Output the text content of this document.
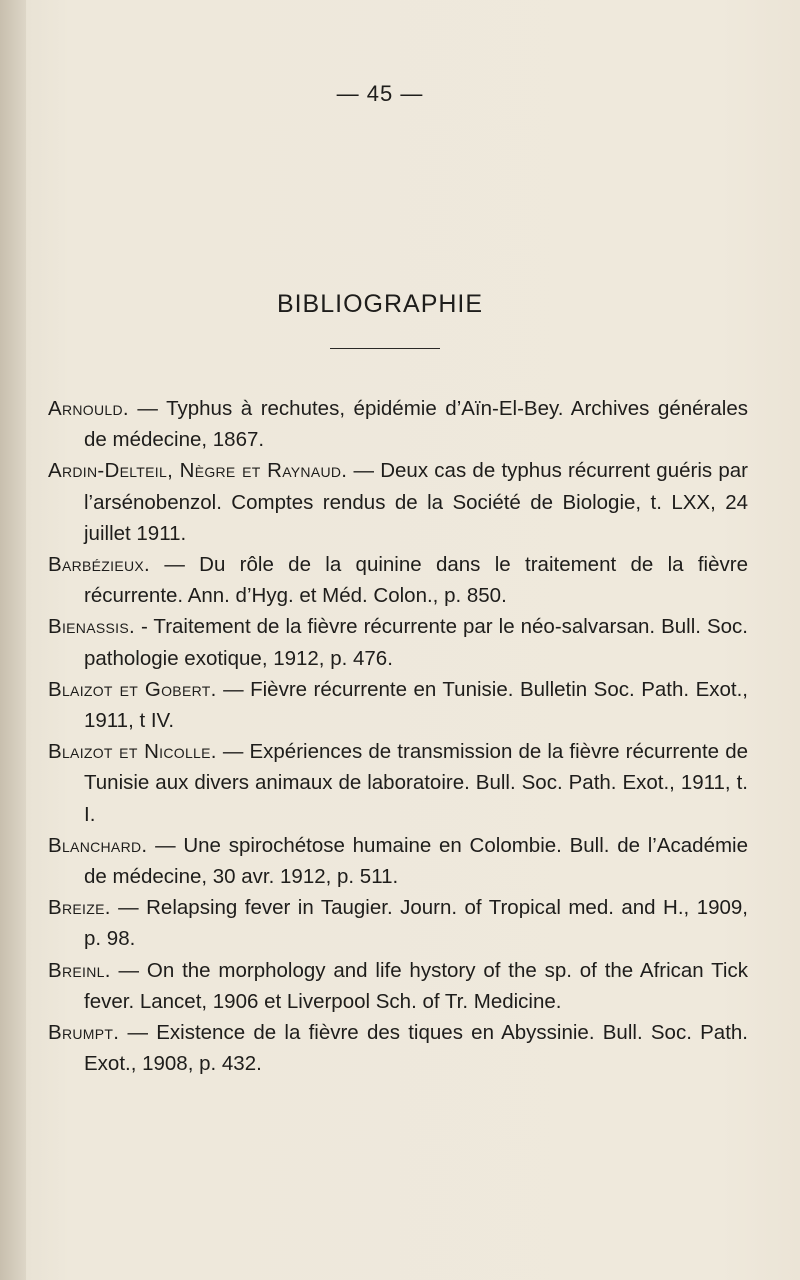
— 45 —
BIBLIOGRAPHIE

Arnould. — Typhus à rechutes, épidémie d’Aïn-El-Bey. Archives générales de médecine, 1867.

Ardin-Delteil, Nègre et Raynaud. — Deux cas de typhus récurrent guéris par l’arsénobenzol. Comptes rendus de la Société de Biologie, t. LXX, 24 juillet 1911.

Barbézieux. — Du rôle de la quinine dans le traitement de la fièvre récurrente. Ann. d’Hyg. et Méd. Colon., p. 850.

Bienassis. - Traitement de la fièvre récurrente par le néo-salvarsan. Bull. Soc. pathologie exotique, 1912, p. 476.

Blaizot et Gobert. — Fièvre récurrente en Tunisie. Bulletin Soc. Path. Exot., 1911, t IV.

Blaizot et Nicolle. — Expériences de transmission de la fièvre récurrente de Tunisie aux divers animaux de laboratoire. Bull. Soc. Path. Exot., 1911, t. I.

Blanchard. — Une spirochétose humaine en Colombie. Bull. de l’Académie de médecine, 30 avr. 1912, p. 511.

Breize. — Relapsing fever in Taugier. Journ. of Tropical med. and H., 1909, p. 98.

Breinl. — On the morphology and life hystory of the sp. of the African Tick fever. Lancet, 1906 et Liverpool Sch. of Tr. Medicine.

Brumpt. — Existence de la fièvre des tiques en Abyssinie. Bull. Soc. Path. Exot., 1908, p. 432.
